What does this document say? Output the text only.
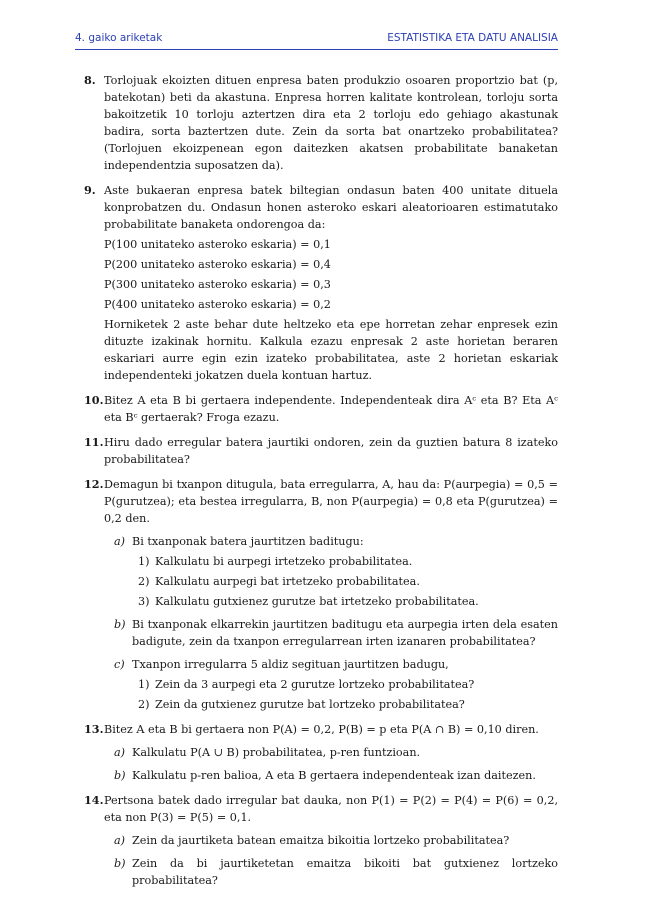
4. gaiko ariketak	ESTATISTIKA ETA DATU ANALISIA
8. Torlojuak ekoizten dituen enpresa baten produkzio osoaren proportzio bat (p, batekotan) beti da akastuna. Enpresa horren kalitate kontrolean, torloju sorta bakoitzetik 10 torloju aztertzen dira eta 2 torloju edo gehiago akastunak badira, sorta baztertzen dute. Zein da sorta bat onartzeko probabilitatea? (Torlojuen ekoizpenean egon daitezken akatsen probabilitate banaketan independentzia suposatzen da).

9. Aste bukaeran enpresa batek biltegian ondasun baten 400 unitate dituela konprobatzen du. Ondasun honen asteroko eskari aleatorioaren estimatutako probabilitate banaketa ondorengoa da:

P(100 unitateko asteroko eskaria) = 0,1

P(200 unitateko asteroko eskaria) = 0,4

P(300 unitateko asteroko eskaria) = 0,3

P(400 unitateko asteroko eskaria) = 0,2

Horniketek 2 aste behar dute heltzeko eta epe horretan zehar enpresek ezin dituzte izakinak hornitu. Kalkula ezazu enpresak 2 aste horietan beraren eskariari aurre egin ezin izateko probabilitatea, aste 2 horietan eskariak independenteki jokatzen duela kontuan hartuz.

10. Bitez A eta B bi gertaera independente. Independenteak dira Aᶜ eta B? Eta Aᶜ eta Bᶜ gertaerak? Froga ezazu.

11. Hiru dado erregular batera jaurtiki ondoren, zein da guztien batura 8 izateko probabilitatea?

12. Demagun bi txanpon ditugula, bata erregularra, A, hau da: P(aurpegia) = 0,5 = P(gurutzea); eta bestea irregularra, B, non P(aurpegia) = 0,8 eta P(gurutzea) = 0,2 den.

a) Bi txanponak batera jaurtitzen baditugu:

1) Kalkulatu bi aurpegi irtetzeko probabilitatea.

2) Kalkulatu aurpegi bat irtetzeko probabilitatea.

3) Kalkulatu gutxienez gurutze bat irtetzeko probabilitatea.

b) Bi txanponak elkarrekin jaurtitzen baditugu eta aurpegia irten dela esaten badigute, zein da txanpon erregularrean irten izanaren probabilitatea?

c) Txanpon irregularra 5 aldiz segituan jaurtitzen badugu,

1) Zein da 3 aurpegi eta 2 gurutze lortzeko probabilitatea?

2) Zein da gutxienez gurutze bat lortzeko probabilitatea?

13. Bitez A eta B bi gertaera non P(A) = 0,2, P(B) = p eta P(A ∩ B) = 0,10 diren.

a) Kalkulatu P(A ∪ B) probabilitatea, p-ren funtzioan.

b) Kalkulatu p-ren balioa, A eta B gertaera independenteak izan daitezen.

14. Pertsona batek dado irregular bat dauka, non P(1) = P(2) = P(4) = P(6) = 0,2, eta non P(3) = P(5) = 0,1.

a) Zein da jaurtiketa batean emaitza bikoitia lortzeko probabilitatea?

b) Zein da bi jaurtiketetan emaitza bikoiti bat gutxienez lortzeko probabilitatea?
